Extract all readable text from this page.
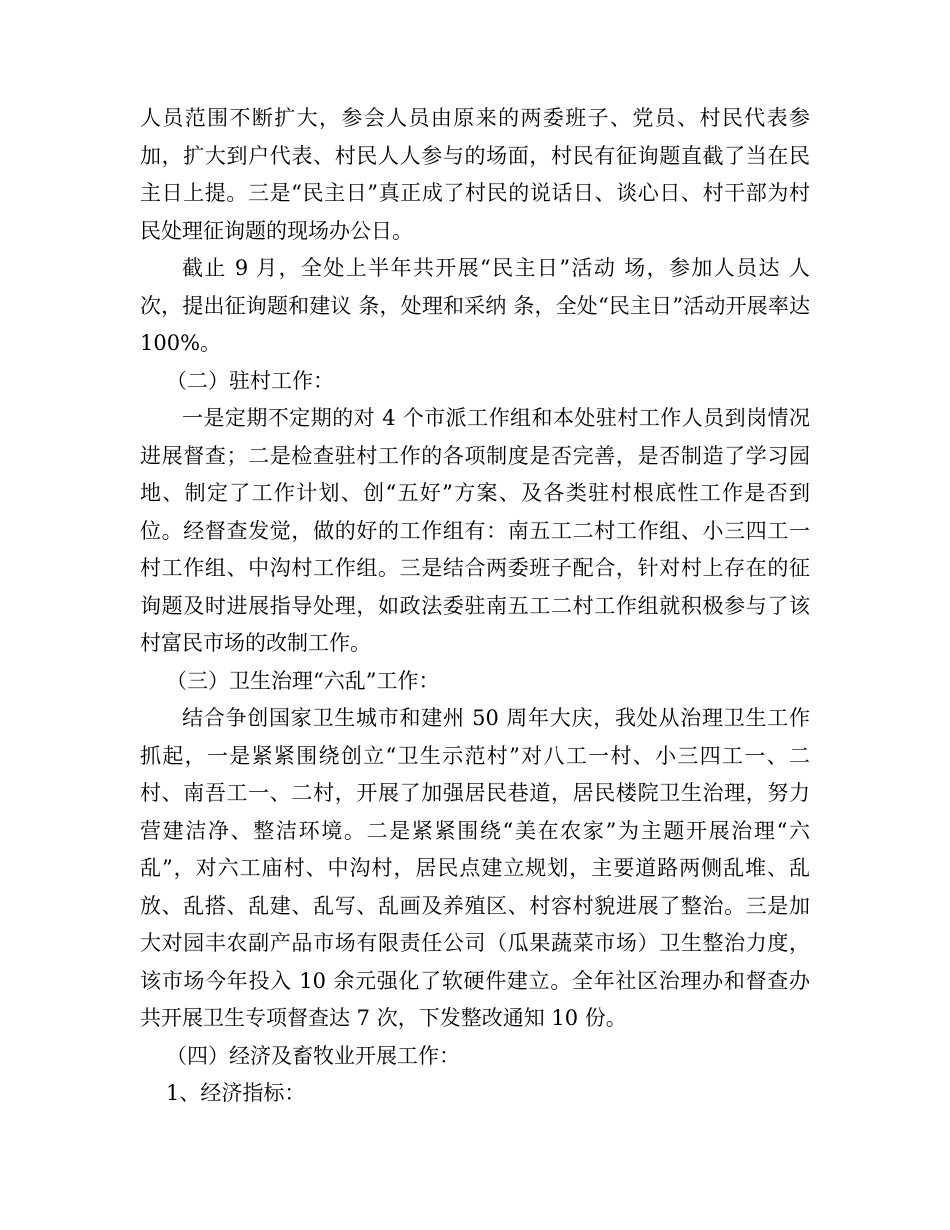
人员范围不断扩大，参会人员由原来的两委班子、党员、村民代表参加，扩大到户代表、村民人人参与的场面，村民有征询题直截了当在民主日上提。三是“民主日”真正成了村民的说话日、谈心日、村干部为村民处理征询题的现场办公日。

截止 9 月，全处上半年共开展“民主日”活动 场，参加人员达 人次，提出征询题和建议 条，处理和采纳 条，全处“民主日”活动开展率达 100%。

（二）驻村工作：

一是定期不定期的对 4 个市派工作组和本处驻村工作人员到岗情况进展督查；二是检查驻村工作的各项制度是否完善，是否制造了学习园地、制定了工作计划、创“五好”方案、及各类驻村根底性工作是否到位。经督查发觉，做的好的工作组有：南五工二村工作组、小三四工一村工作组、中沟村工作组。三是结合两委班子配合，针对村上存在的征询题及时进展指导处理，如政法委驻南五工二村工作组就积极参与了该村富民市场的改制工作。

（三）卫生治理“六乱”工作：

结合争创国家卫生城市和建州 50 周年大庆，我处从治理卫生工作抓起，一是紧紧围绕创立“卫生示范村”对八工一村、小三四工一、二村、南吾工一、二村，开展了加强居民巷道，居民楼院卫生治理，努力营建洁净、整洁环境。二是紧紧围绕“美在农家”为主题开展治理“六乱”，对六工庙村、中沟村，居民点建立规划，主要道路两侧乱堆、乱放、乱搭、乱建、乱写、乱画及养殖区、村容村貌进展了整治。三是加大对园丰农副产品市场有限责任公司（瓜果蔬菜市场）卫生整治力度，该市场今年投入 10 余元强化了软硬件建立。全年社区治理办和督查办共开展卫生专项督查达 7 次，下发整改通知 10 份。

（四）经济及畜牧业开展工作：

1、经济指标：
